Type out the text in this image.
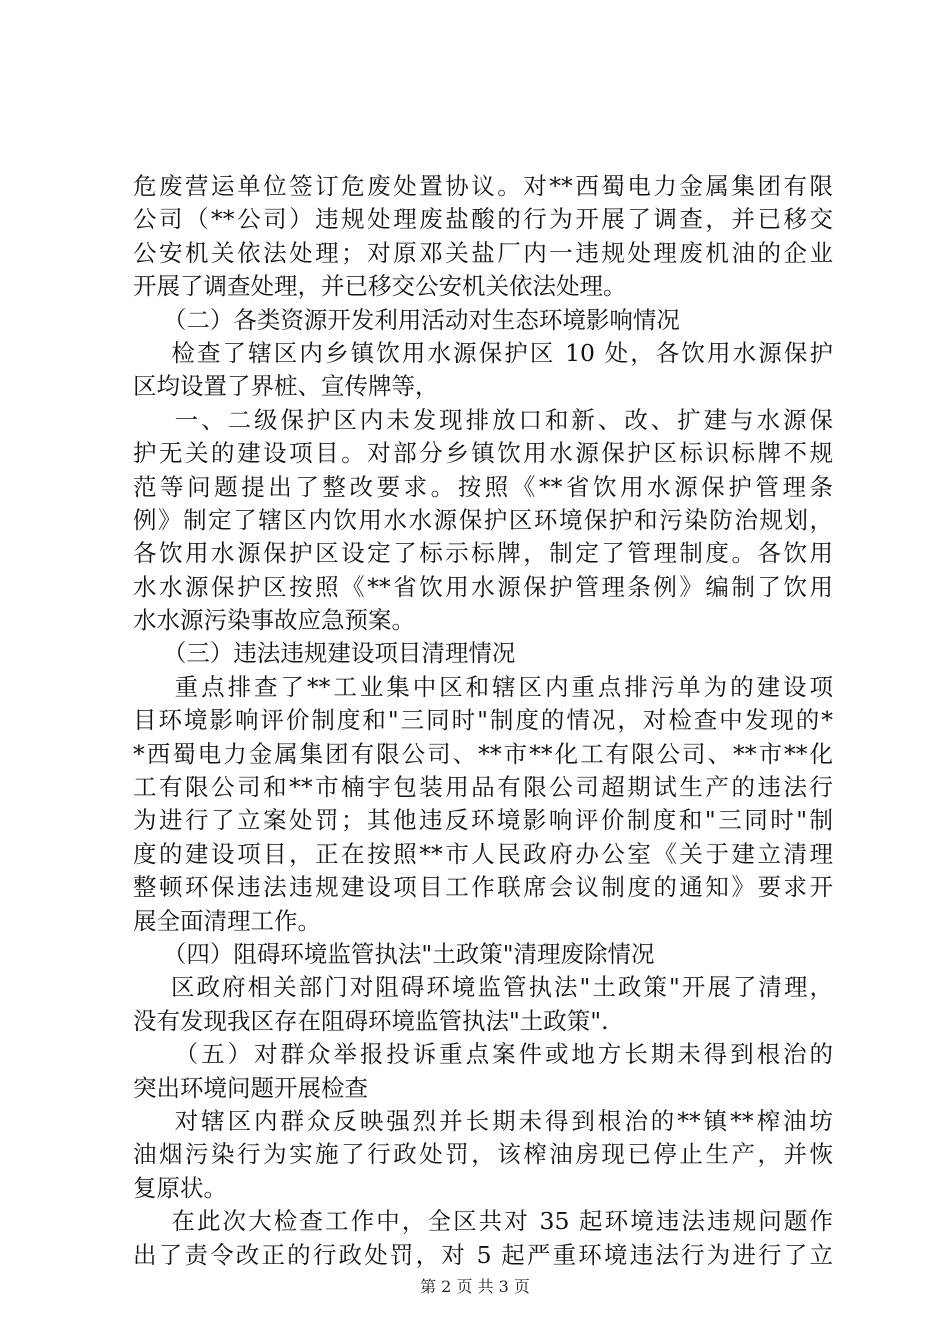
危废营运单位签订危废处置协议。对**西蜀电力金属集团有限
公司（**公司）违规处理废盐酸的行为开展了调查，并已移交
公安机关依法处理；对原邓关盐厂内一违规处理废机油的企业
开展了调查处理，并已移交公安机关依法处理。
（二）各类资源开发利用活动对生态环境影响情况
检查了辖区内乡镇饮用水源保护区 10 处，各饮用水源保护
区均设置了界桩、宣传牌等，
一、二级保护区内未发现排放口和新、改、扩建与水源保
护无关的建设项目。对部分乡镇饮用水源保护区标识标牌不规
范等问题提出了整改要求。按照《**省饮用水源保护管理条
例》制定了辖区内饮用水水源保护区环境保护和污染防治规划，
各饮用水源保护区设定了标示标牌，制定了管理制度。各饮用
水水源保护区按照《**省饮用水源保护管理条例》编制了饮用
水水源污染事故应急预案。
（三）违法违规建设项目清理情况
重点排查了**工业集中区和辖区内重点排污单为的建设项
目环境影响评价制度和"三同时"制度的情况，对检查中发现的*
*西蜀电力金属集团有限公司、**市**化工有限公司、**市**化
工有限公司和**市楠宇包装用品有限公司超期试生产的违法行
为进行了立案处罚；其他违反环境影响评价制度和"三同时"制
度的建设项目，正在按照**市人民政府办公室《关于建立清理
整顿环保违法违规建设项目工作联席会议制度的通知》要求开
展全面清理工作。
（四）阻碍环境监管执法"土政策"清理废除情况
区政府相关部门对阻碍环境监管执法"土政策"开展了清理，
没有发现我区存在阻碍环境监管执法"土政策".
（五）对群众举报投诉重点案件或地方长期未得到根治的
突出环境问题开展检查
对辖区内群众反映强烈并长期未得到根治的**镇**榨油坊
油烟污染行为实施了行政处罚，该榨油房现已停止生产，并恢
复原状。
在此次大检查工作中，全区共对 35 起环境违法违规问题作
出了责令改正的行政处罚，对 5 起严重环境违法行为进行了立
第 2 页 共 3 页
